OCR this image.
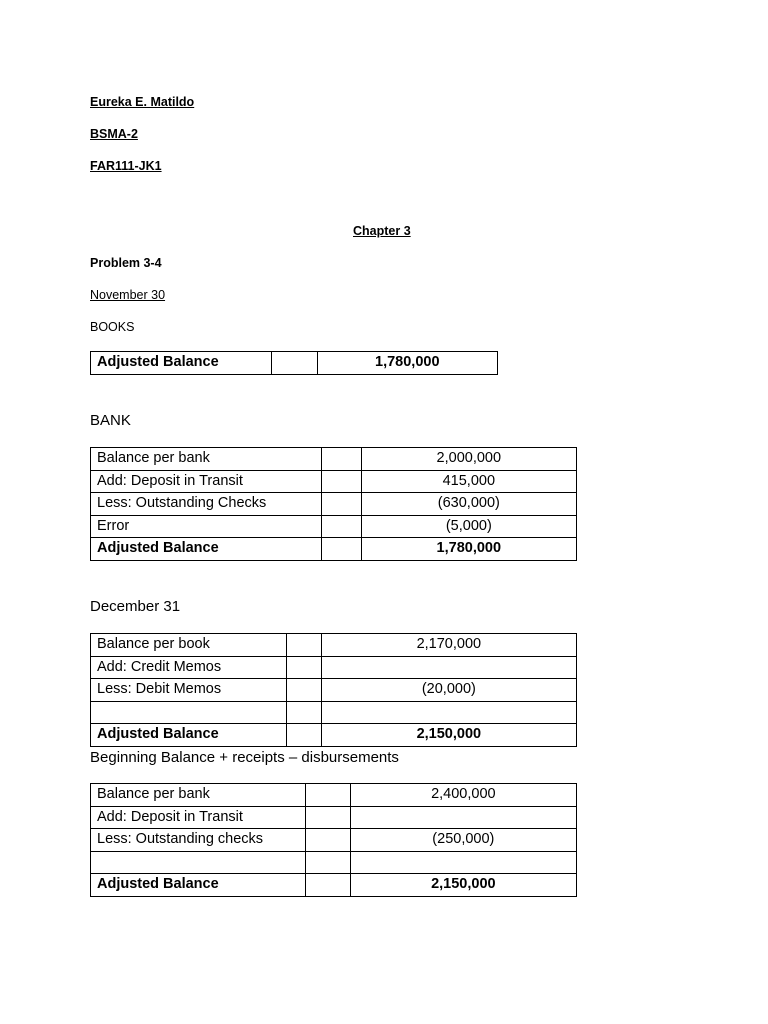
Eureka E. Matildo
BSMA-2
FAR111-JK1
Chapter 3
Problem 3-4
November 30
BOOKS
Adjusted Balance		1,780,000
BANK
Balance per bank		2,000,000
Add: Deposit in Transit		415,000
Less: Outstanding Checks		(630,000)
Error		(5,000)
Adjusted Balance		1,780,000
December 31
Balance per book		2,170,000
Add: Credit Memos		
Less: Debit Memos		(20,000)

Adjusted Balance		2,150,000
Beginning Balance + receipts – disbursements
Balance per bank		2,400,000
Add: Deposit in Transit		
Less: Outstanding checks		(250,000)

Adjusted Balance		2,150,000
